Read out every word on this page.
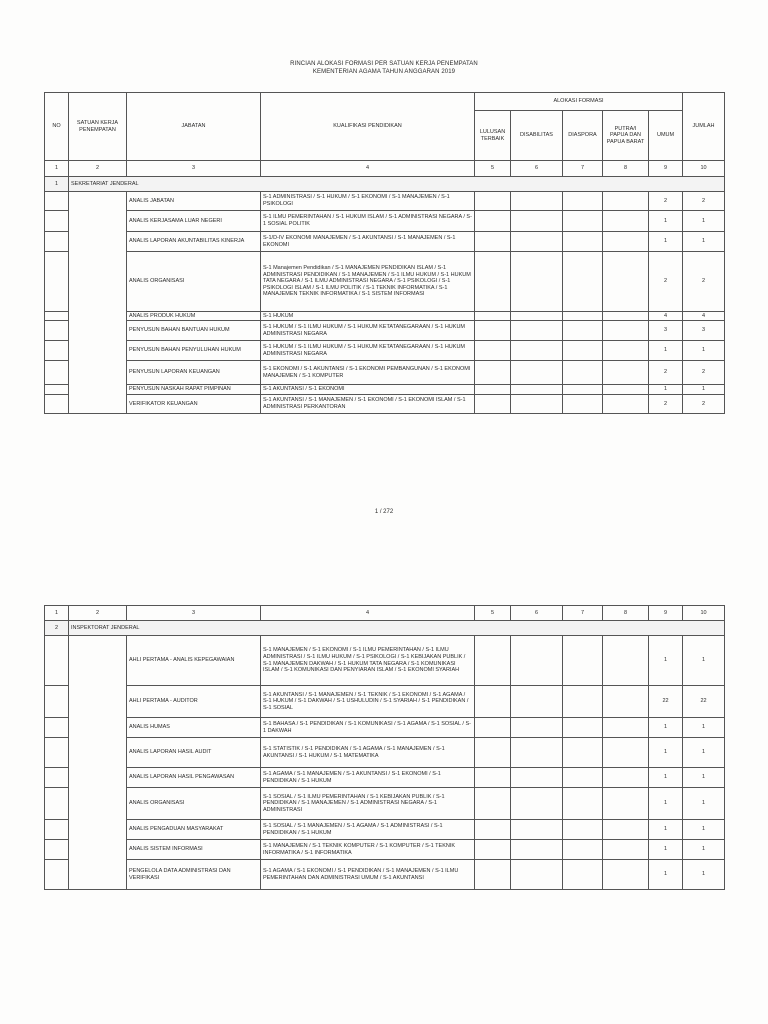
RINCIAN ALOKASI FORMASI PER SATUAN KERJA PENEMPATAN
KEMENTERIAN AGAMA TAHUN ANGGARAN 2019
NO	SATUAN KERJA PENEMPATAN	JABATAN	KUALIFIKASI PENDIDIKAN	ALOKASI FORMASI					JUMLAH
				LULUSAN TERBAIK	DISABILITAS	DIASPORA	PUTRA/I PAPUA DAN PAPUA BARAT	UMUM	
1	2	3	4	5	6	7	8	9	10
1	SEKRETARIAT JENDERAL								
		ANALIS JABATAN	S-1 ADMINISTRASI / S-1 HUKUM / S-1 EKONOMI / S-1 MANAJEMEN / S-1 PSIKOLOGI					2	2
		ANALIS KERJASAMA LUAR NEGERI	S-1 ILMU PEMERINTAHAN / S-1 HUKUM ISLAM / S-1 ADMINISTRASI NEGARA / S-1 SOSIAL POLITIK					1	1
		ANALIS LAPORAN AKUNTABILITAS KINERJA	S-1/D-IV EKONOMI MANAJEMEN / S-1 AKUNTANSI / S-1 MANAJEMEN / S-1 EKONOMI					1	1
		ANALIS ORGANISASI	S-1 Manajemen Pendidikan / S-1 MANAJEMEN PENDIDIKAN ISLAM / S-1 ADMINISTRASI PENDIDIKAN / S-1 MANAJEMEN / S-1 ILMU HUKUM / S-1 HUKUM TATA NEGARA / S-1 ILMU ADMINISTRASI NEGARA / S-1 PSIKOLOGI / S-1 PSIKOLOGI ISLAM / S-1 ILMU POLITIK / S-1 TEKNIK INFORMATIKA / S-1 MANAJEMEN TEKNIK INFORMATIKA / S-1 SISTEM INFORMASI					2	2
		ANALIS PRODUK HUKUM	S-1 HUKUM					4	4
		PENYUSUN BAHAN BANTUAN HUKUM	S-1 HUKUM / S-1 ILMU HUKUM / S-1 HUKUM KETATANEGARAAN / S-1 HUKUM ADMINISTRASI NEGARA					3	3
		PENYUSUN BAHAN PENYULUHAN HUKUM	S-1 HUKUM / S-1 ILMU HUKUM / S-1 HUKUM KETATANEGARAAN / S-1 HUKUM ADMINISTRASI NEGARA					1	1
		PENYUSUN LAPORAN KEUANGAN	S-1 EKONOMI / S-1 AKUNTANSI / S-1 EKONOMI PEMBANGUNAN / S-1 EKONOMI MANAJEMEN / S-1 KOMPUTER					2	2
		PENYUSUN NASKAH RAPAT PIMPINAN	S-1 AKUNTANSI / S-1 EKONOMI					1	1
		VERIFIKATOR KEUANGAN	S-1 AKUNTANSI / S-1 MANAJEMEN / S-1 EKONOMI / S-1 EKONOMI ISLAM / S-1 ADMINISTRASI PERKANTORAN					2	2
1 / 272
1	2	3	4	5	6	7	8	9	10
2	INSPEKTORAT JENDERAL								
		AHLI PERTAMA - ANALIS KEPEGAWAIAN	S-1 MANAJEMEN / S-1 EKONOMI / S-1 ILMU PEMERINTAHAN / S-1 ILMU ADMINISTRASI / S-1 ILMU HUKUM / S-1 PSIKOLOGI / S-1 KEBIJAKAN PUBLIK / S-1 MANAJEMEN DAKWAH / S-1 HUKUM TATA NEGARA / S-1 KOMUNIKASI ISLAM / S-1 KOMUNIKASI DAN PENYIARAN ISLAM / S-1 EKONOMI SYARIAH					1	1
		AHLI PERTAMA - AUDITOR	S-1 AKUNTANSI / S-1 MANAJEMEN / S-1 TEKNIK / S-1 EKONOMI / S-1 AGAMA / S-1 HUKUM / S-1 DAKWAH / S-1 USHULUDIN / S-1 SYARIAH / S-1 PENDIDIKAN / S-1 SOSIAL					22	22
		ANALIS HUMAS	S-1 BAHASA / S-1 PENDIDIKAN / S-1 KOMUNIKASI / S-1 AGAMA / S-1 SOSIAL / S-1 DAKWAH					1	1
		ANALIS LAPORAN HASIL AUDIT	S-1 STATISTIK / S-1 PENDIDIKAN / S-1 AGAMA / S-1 MANAJEMEN / S-1 AKUNTANSI / S-1 HUKUM / S-1 MATEMATIKA					1	1
		ANALIS LAPORAN HASIL PENGAWASAN	S-1 AGAMA / S-1 MANAJEMEN / S-1 AKUNTANSI / S-1 EKONOMI / S-1 PENDIDIKAN / S-1 HUKUM					1	1
		ANALIS ORGANISASI	S-1 SOSIAL / S-1 ILMU PEMERINTAHAN / S-1 KEBIJAKAN PUBLIK / S-1 PENDIDIKAN / S-1 MANAJEMEN / S-1 ADMINISTRASI NEGARA / S-1 ADMINISTRASI					1	1
		ANALIS PENGADUAN MASYARAKAT	S-1 SOSIAL / S-1 MANAJEMEN / S-1 AGAMA / S-1 ADMINISTRASI / S-1 PENDIDIKAN / S-1 HUKUM					1	1
		ANALIS SISTEM INFORMASI	S-1 MANAJEMEN / S-1 TEKNIK KOMPUTER / S-1 KOMPUTER / S-1 TEKNIK INFORMATIKA / S-1 INFORMATIKA					1	1
		PENGELOLA DATA ADMINISTRASI DAN VERIFIKASI	S-1 AGAMA / S-1 EKONOMI / S-1 PENDIDIKAN / S-1 MANAJEMEN / S-1 ILMU PEMERINTAHAN DAN ADMINISTRASI UMUM / S-1 AKUNTANSI					1	1
